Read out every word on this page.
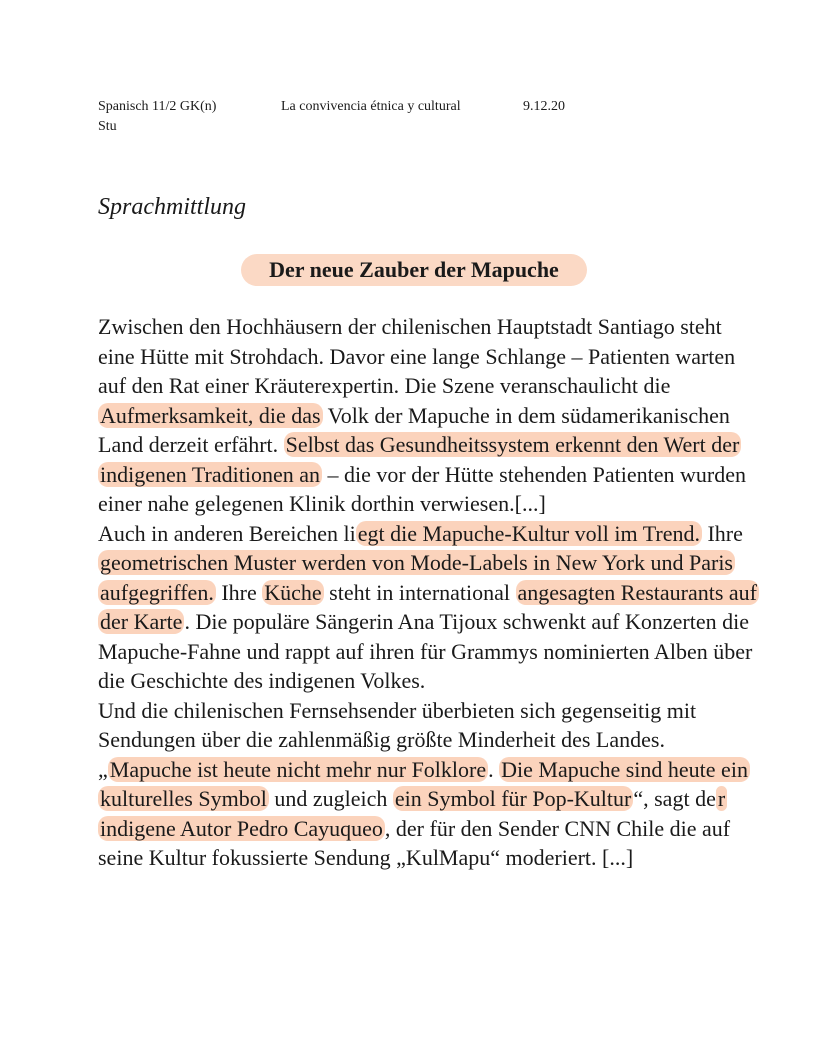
Spanisch 11/2 GK(n)	La convivencia étnica y cultural	9.12.20
Stu
Sprachmittlung
Der neue Zauber der Mapuche

Zwischen den Hochhäusern der chilenischen Hauptstadt Santiago steht eine Hütte mit Strohdach. Davor eine lange Schlange – Patienten warten auf den Rat einer Kräuterexpertin. Die Szene veranschaulicht die Aufmerksamkeit, die das Volk der Mapuche in dem südamerikanischen Land derzeit erfährt. Selbst das Gesundheitssystem erkennt den Wert der indigenen Traditionen an – die vor der Hütte stehenden Patienten wurden einer nahe gelegenen Klinik dorthin verwiesen.[...]

Auch in anderen Bereichen liegt die Mapuche-Kultur voll im Trend. Ihre geometrischen Muster werden von Mode-Labels in New York und Paris aufgegriffen. Ihre Küche steht in international angesagten Restaurants auf der Karte. Die populäre Sängerin Ana Tijoux schwenkt auf Konzerten die Mapuche-Fahne und rappt auf ihren für Grammys nominierten Alben über die Geschichte des indigenen Volkes.

Und die chilenischen Fernsehsender überbieten sich gegenseitig mit Sendungen über die zahlenmäßig größte Minderheit des Landes. „Mapuche ist heute nicht mehr nur Folklore. Die Mapuche sind heute ein kulturelles Symbol und zugleich ein Symbol für Pop-Kultur“, sagt der indigene Autor Pedro Cayuqueo, der für den Sender CNN Chile die auf seine Kultur fokussierte Sendung „KulMapu“ moderiert. [...]
